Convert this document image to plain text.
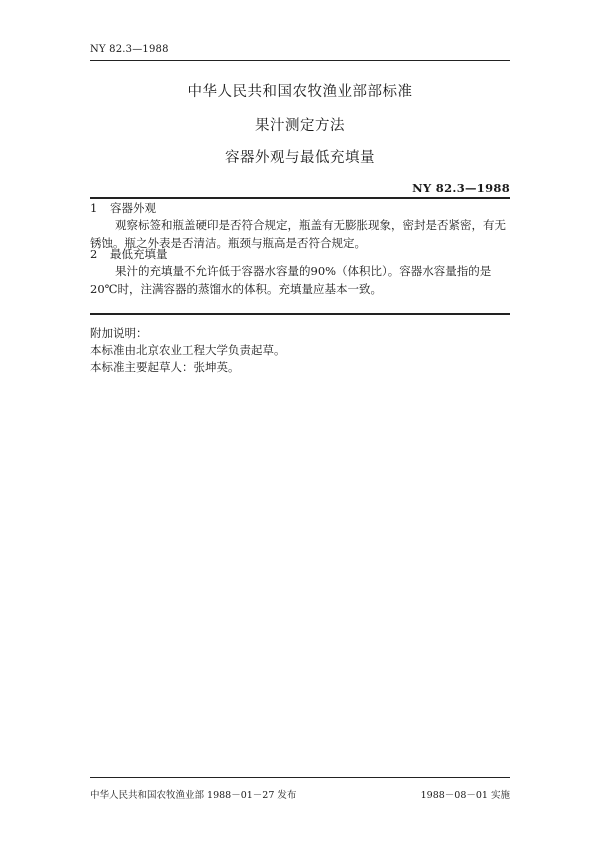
NY 82.3—1988
中华人民共和国农牧渔业部部标准
果汁测定方法
容器外观与最低充填量
NY 82.3—1988
1 容器外观
观察标签和瓶盖硬印是否符合规定，瓶盖有无膨胀现象，密封是否紧密，有无锈蚀。瓶之外表是否清洁。瓶颈与瓶高是否符合规定。
2 最低充填量
果汁的充填量不允许低于容器水容量的90%（体积比）。容器水容量指的是20℃时，注满容器的蒸馏水的体积。充填量应基本一致。
附加说明：
本标准由北京农业工程大学负责起草。
本标准主要起草人：张坤英。
中华人民共和国农牧渔业部 1988－01－27 发布	1988－08－01 实施
